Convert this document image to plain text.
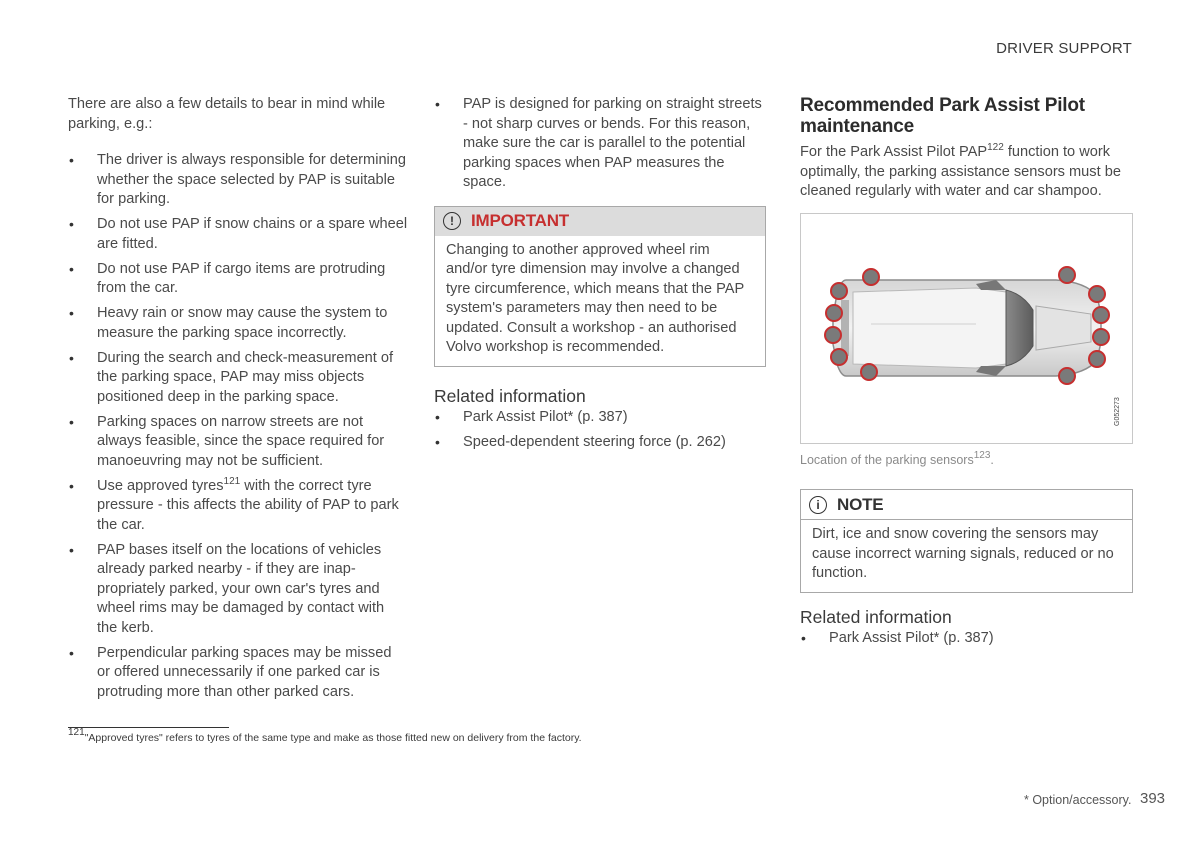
DRIVER SUPPORT

There are also a few details to bear in mind while parking, e.g.:

• The driver is always responsible for determining whether the space selected by PAP is suitable for parking.
• Do not use PAP if snow chains or a spare wheel are fitted.
• Do not use PAP if cargo items are protruding from the car.
• Heavy rain or snow may cause the system to measure the parking space incorrectly.
• During the search and check-measurement of the parking space, PAP may miss objects positioned deep in the parking space.
• Parking spaces on narrow streets are not always feasible, since the space required for manoeuvring may not be sufficient.
• Use approved tyres$^{121}$ with the correct tyre pressure - this affects the ability of PAP to park the car.
• PAP bases itself on the locations of vehicles already parked nearby - if they are inappropriately parked, your own car's tyres and wheel rims may be damaged by contact with the kerb.
• Perpendicular parking spaces may be missed or offered unnecessarily if one parked car is protruding more than other parked cars.
• PAP is designed for parking on straight streets - not sharp curves or bends. For this reason, make sure the car is parallel to the potential parking spaces when PAP measures the space.
!	IMPORTANT
Changing to another approved wheel rim and/or tyre dimension may involve a changed tyre circumference, which means that the PAP system's parameters may then need to be updated. Consult a workshop - an authorised Volvo workshop is recommended.
Related information
• Park Assist Pilot* (p. 387)
• Speed-dependent steering force (p. 262)
Recommended Park Assist Pilot maintenance

For the Park Assist Pilot PAP$^{122}$ function to work optimally, the parking assistance sensors must be cleaned regularly with water and car shampoo.

G052273
Location of the parking sensors$^{123}$.
i	NOTE
Dirt, ice and snow covering the sensors may cause incorrect warning signals, reduced or no function.
Related information
• Park Assist Pilot* (p. 387)
$^{121}$"Approved tyres" refers to tyres of the same type and make as those fitted new on delivery from the factory.
* Option/accessory. 393
